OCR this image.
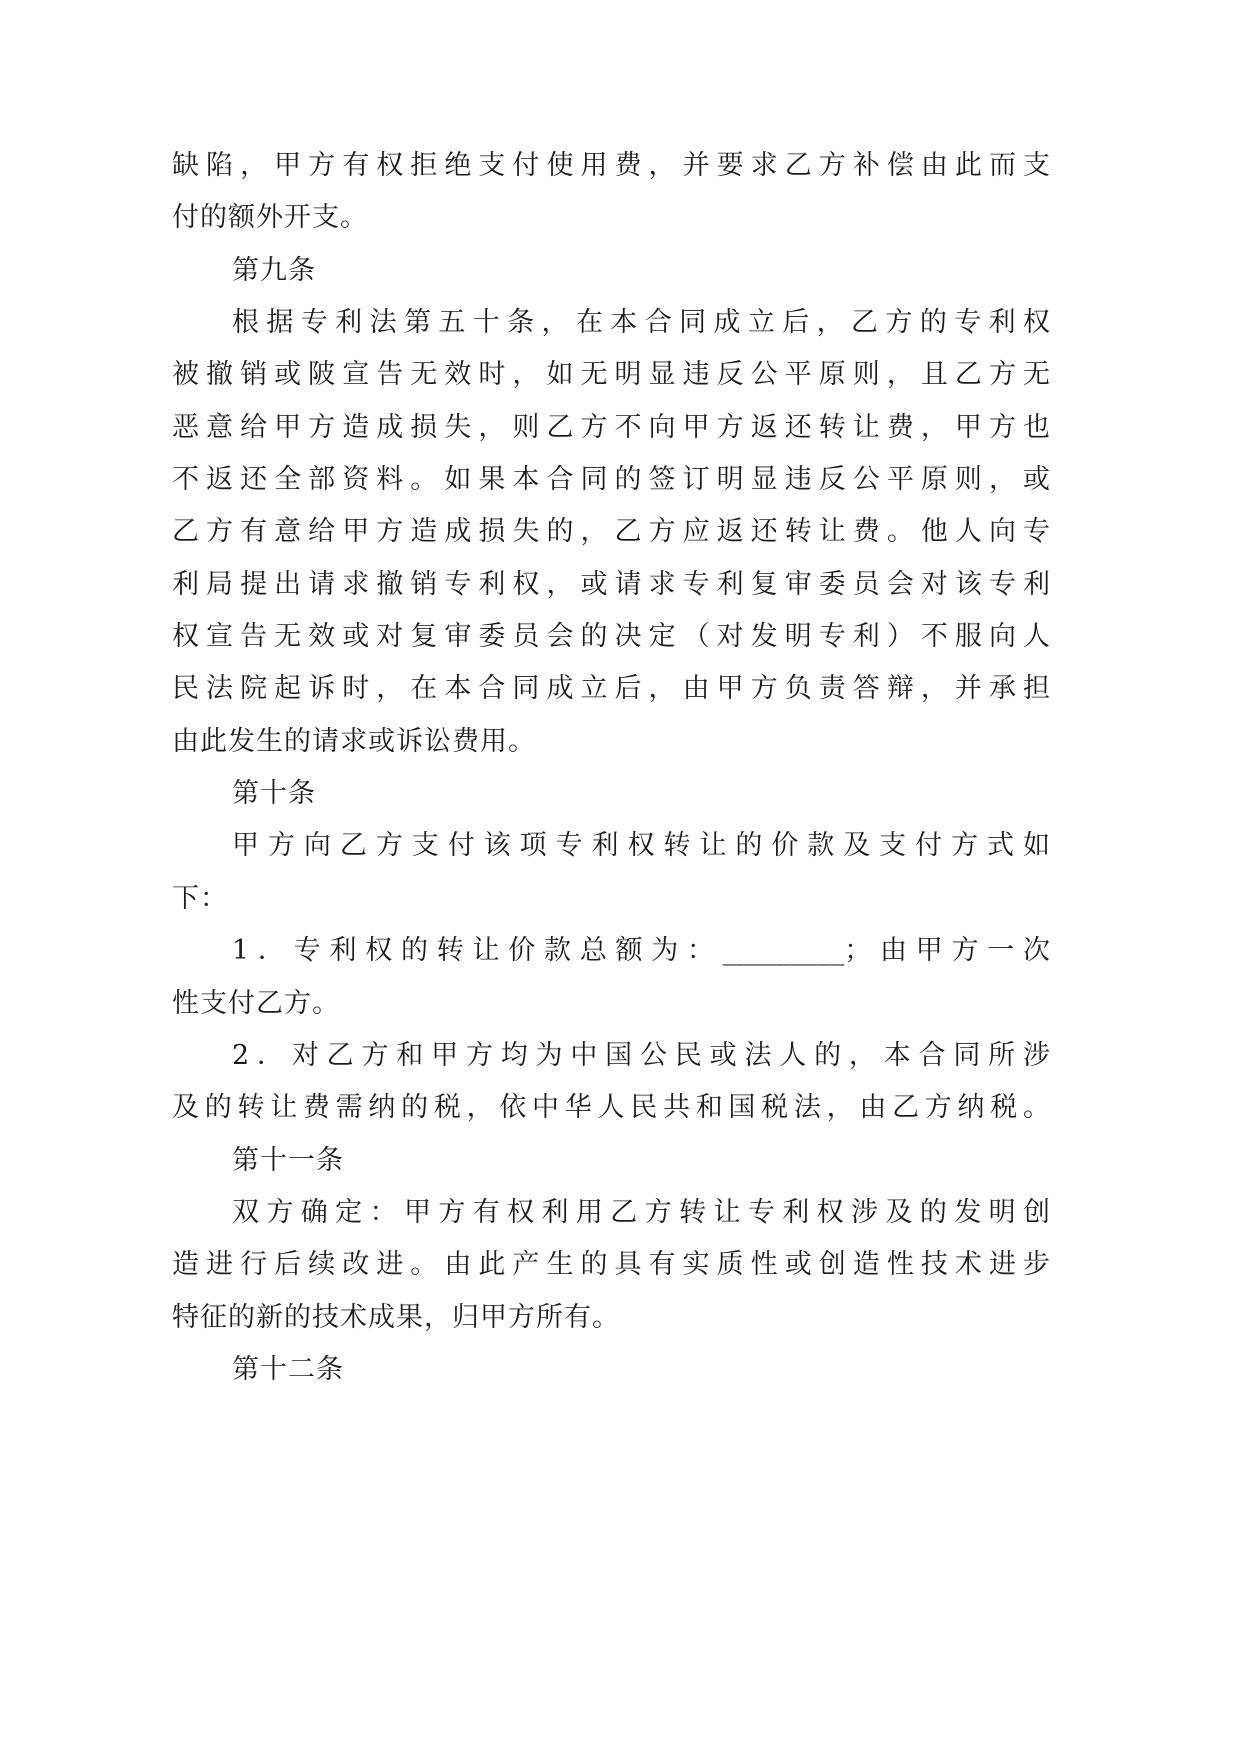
缺陷，甲方有权拒绝支付使用费，并要求乙方补偿由此而支
付的额外开支。
第九条
根据专利法第五十条，在本合同成立后，乙方的专利权
被撤销或陂宣告无效时，如无明显违反公平原则，且乙方无
恶意给甲方造成损失，则乙方不向甲方返还转让费，甲方也
不返还全部资料。如果本合同的签订明显违反公平原则，或
乙方有意给甲方造成损失的，乙方应返还转让费。他人向专
利局提出请求撤销专利权，或请求专利复审委员会对该专利
权宣告无效或对复审委员会的决定（对发明专利）不服向人
民法院起诉时，在本合同成立后，由甲方负责答辩，并承担
由此发生的请求或诉讼费用。
第十条
甲方向乙方支付该项专利权转让的价款及支付方式如
下：
1．专利权的转让价款总额为：_________；由甲方一次
性支付乙方。
2．对乙方和甲方均为中国公民或法人的，本合同所涉
及的转让费需纳的税，依中华人民共和国税法，由乙方纳税。
第十一条
双方确定：甲方有权利用乙方转让专利权涉及的发明创
造进行后续改进。由此产生的具有实质性或创造性技术进步
特征的新的技术成果，归甲方所有。
第十二条
